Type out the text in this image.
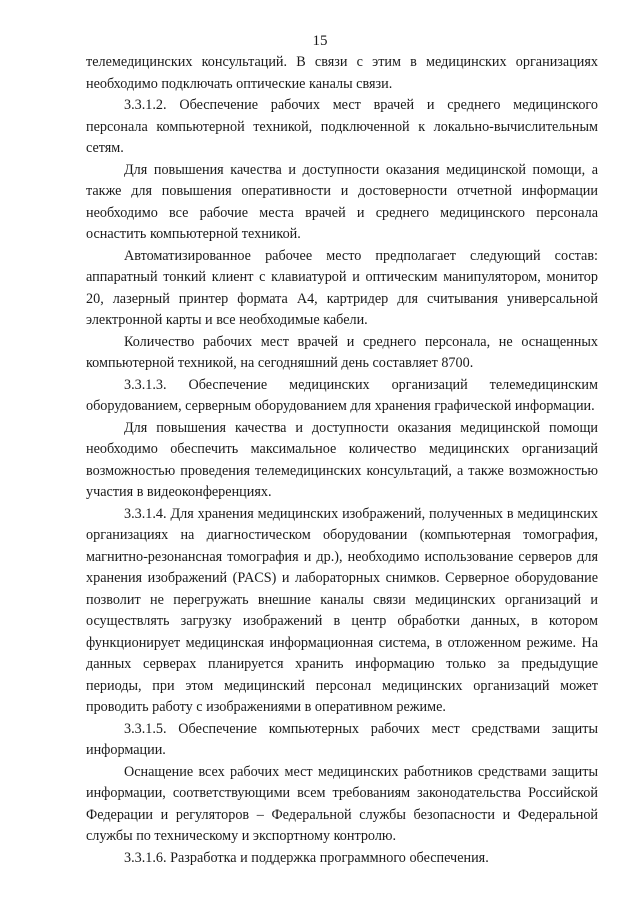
15

телемедицинских консультаций. В связи с этим в медицинских организациях необходимо подключать оптические каналы связи.

3.3.1.2. Обеспечение рабочих мест врачей и среднего медицинского персонала компьютерной техникой, подключенной к локально-вычислительным сетям.

Для повышения качества и доступности оказания медицинской помощи, а также для повышения оперативности и достоверности отчетной информации необходимо все рабочие места врачей и среднего медицинского персонала оснастить компьютерной техникой.

Автоматизированное рабочее место предполагает следующий состав: аппаратный тонкий клиент с клавиатурой и оптическим манипулятором, монитор 20, лазерный принтер формата А4, картридер для считывания универсальной электронной карты и все необходимые кабели.

Количество рабочих мест врачей и среднего персонала, не оснащенных компьютерной техникой, на сегодняшний день составляет 8700.

3.3.1.3. Обеспечение медицинских организаций телемедицинским оборудованием, серверным оборудованием для хранения графической информации.

Для повышения качества и доступности оказания медицинской помощи необходимо обеспечить максимальное количество медицинских организаций возможностью проведения телемедицинских консультаций, а также возможностью участия в видеоконференциях.

3.3.1.4. Для хранения медицинских изображений, полученных в медицинских организациях на диагностическом оборудовании (компьютерная томография, магнитно-резонансная томография и др.), необходимо использование серверов для хранения изображений (PACS) и лабораторных снимков. Серверное оборудование позволит не перегружать внешние каналы связи медицинских организаций и осуществлять загрузку изображений в центр обработки данных, в котором функционирует медицинская информационная система, в отложенном режиме. На данных серверах планируется хранить информацию только за предыдущие периоды, при этом медицинский персонал медицинских организаций может проводить работу с изображениями в оперативном режиме.

3.3.1.5. Обеспечение компьютерных рабочих мест средствами защиты информации.

Оснащение всех рабочих мест медицинских работников средствами защиты информации, соответствующими всем требованиям законодательства Российской Федерации и регуляторов – Федеральной службы безопасности и Федеральной службы по техническому и экспортному контролю.

3.3.1.6. Разработка и поддержка программного обеспечения.
